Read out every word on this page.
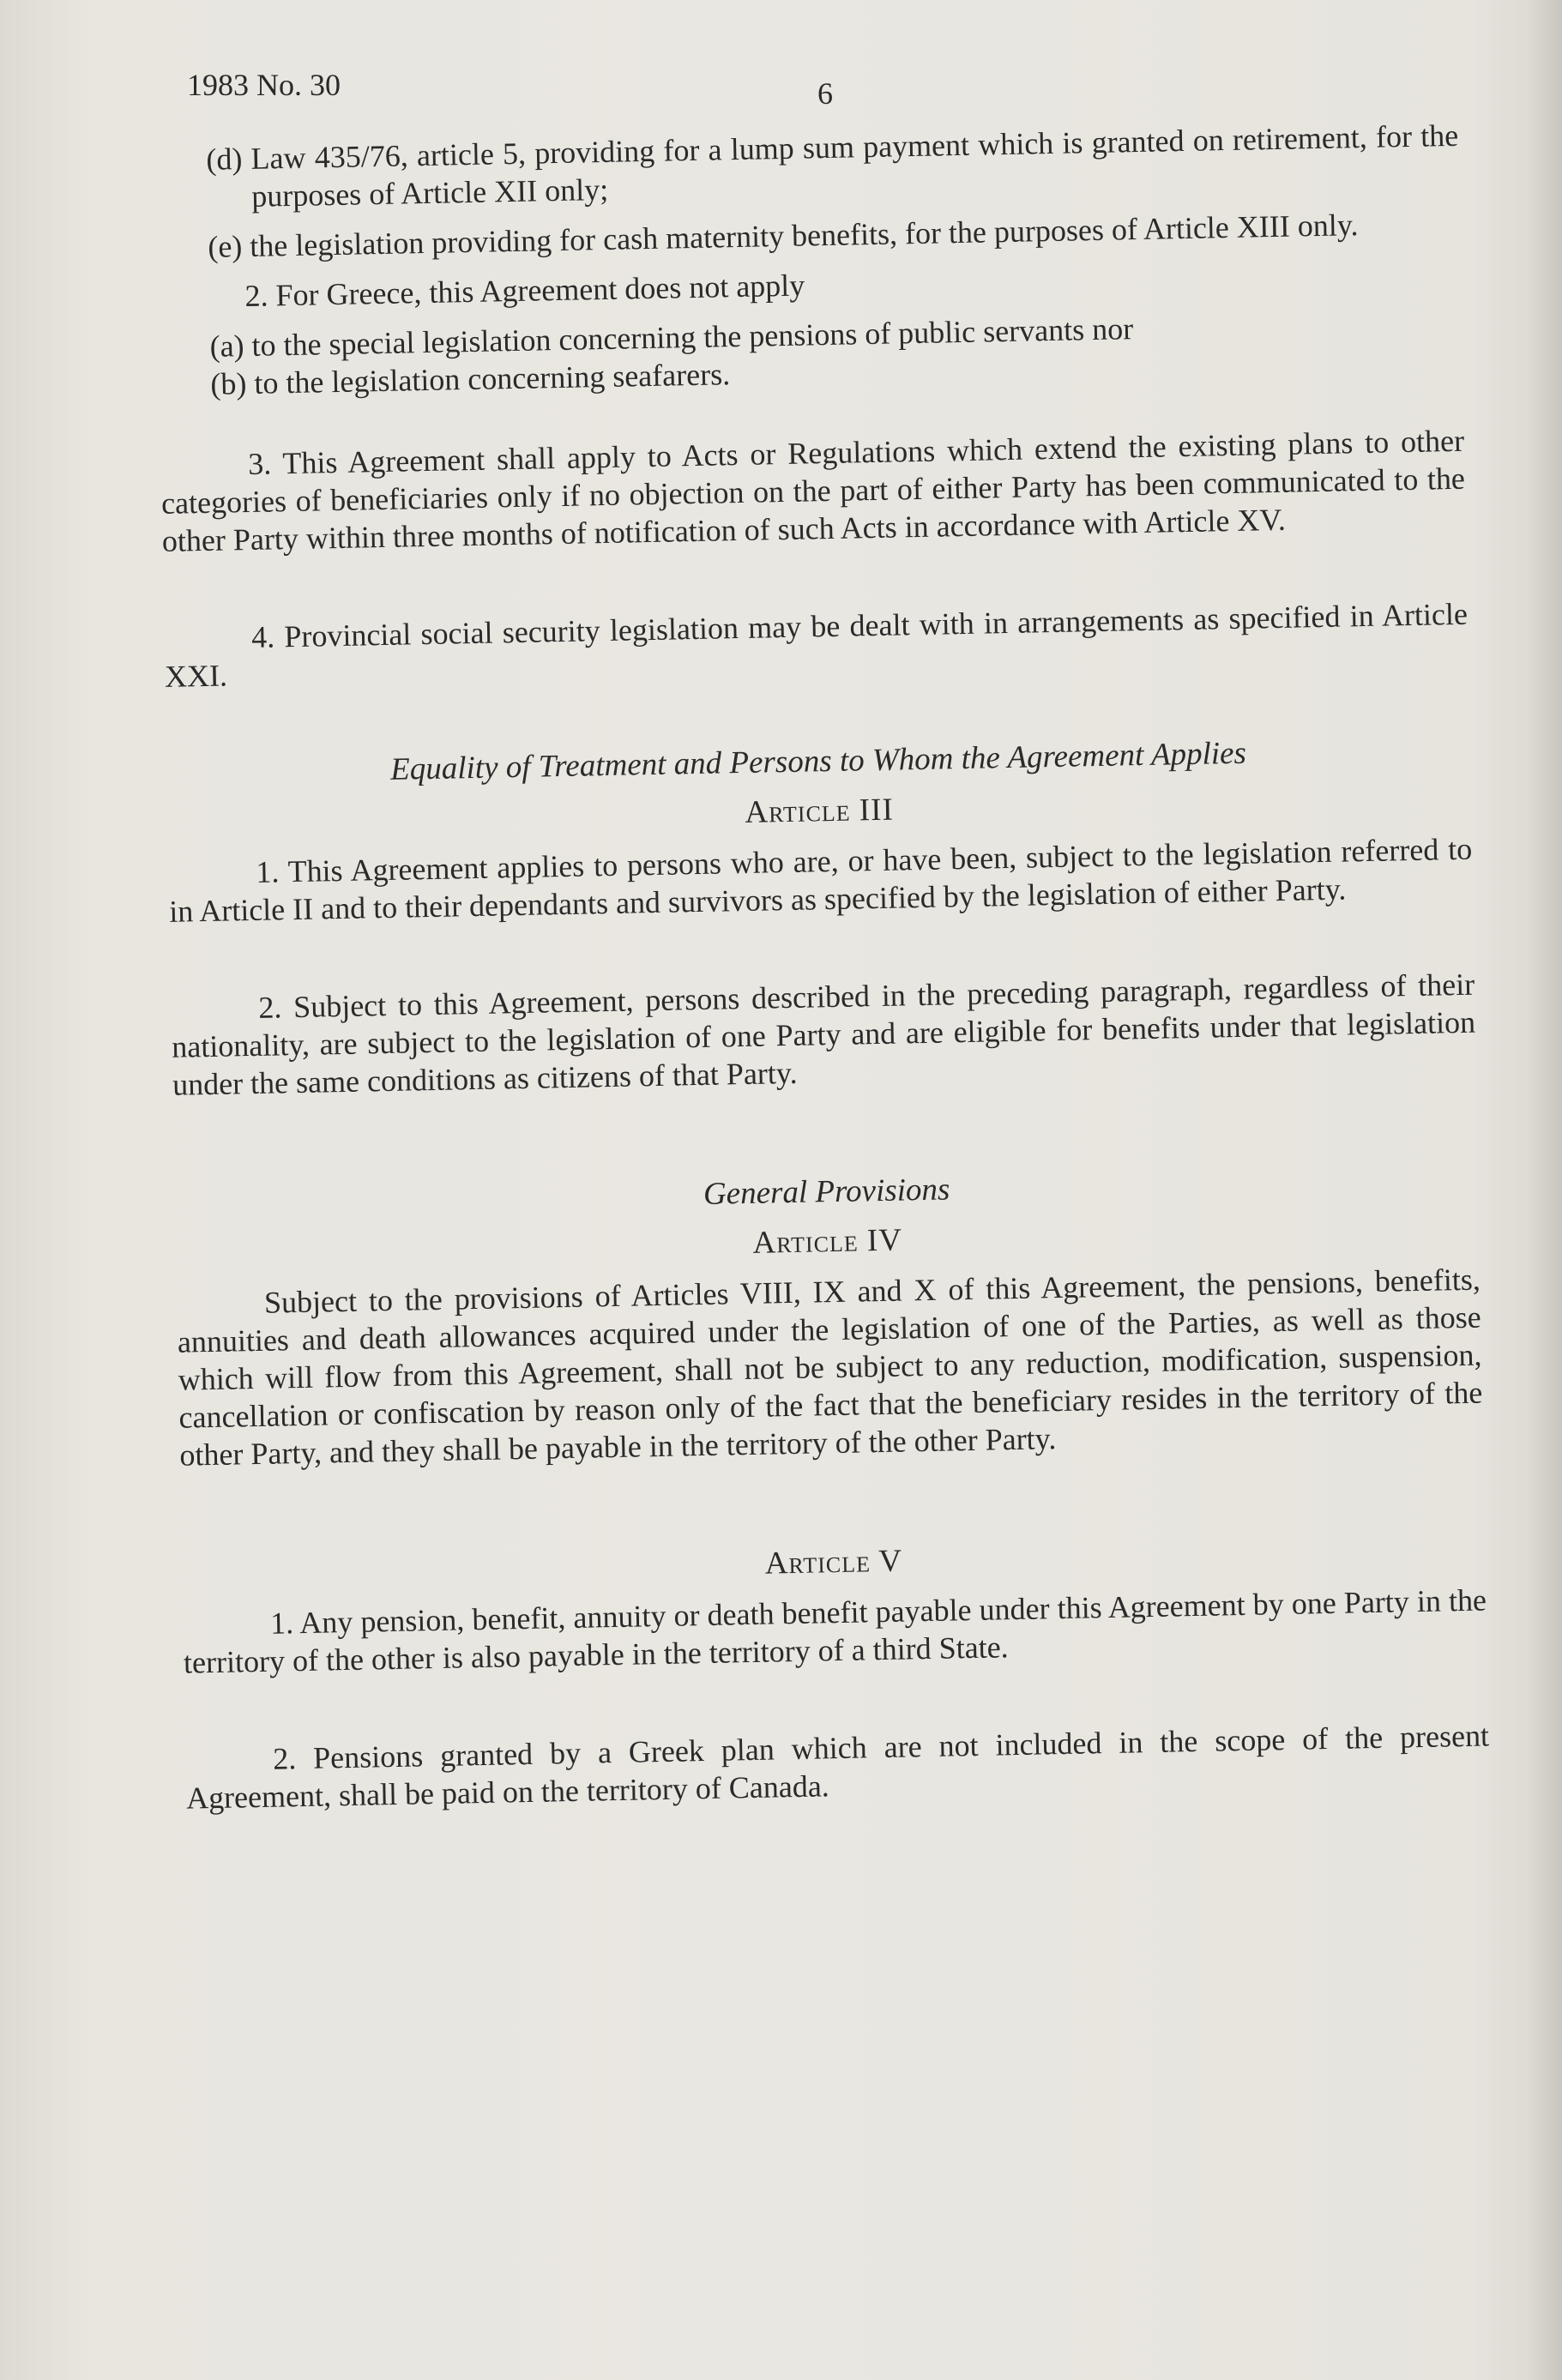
1983 No. 30	6

(d) Law 435/76, article 5, providing for a lump sum payment which is granted on retirement, for the purposes of Article XII only;

(e) the legislation providing for cash maternity benefits, for the purposes of Article XIII only.

2. For Greece, this Agreement does not apply

(a) to the special legislation concerning the pensions of public servants nor

(b) to the legislation concerning seafarers.

3. This Agreement shall apply to Acts or Regulations which extend the existing plans to other categories of beneficiaries only if no objection on the part of either Party has been communicated to the other Party within three months of notification of such Acts in accordance with Article XV.

4. Provincial social security legislation may be dealt with in arrangements as specified in Article XXI.

Equality of Treatment and Persons to Whom the Agreement Applies

Article III

1. This Agreement applies to persons who are, or have been, subject to the legislation referred to in Article II and to their dependants and survivors as specified by the legislation of either Party.

2. Subject to this Agreement, persons described in the preceding paragraph, regardless of their nationality, are subject to the legislation of one Party and are eligible for benefits under that legislation under the same conditions as citizens of that Party.

General Provisions

Article IV

Subject to the provisions of Articles VIII, IX and X of this Agreement, the pensions, benefits, annuities and death allowances acquired under the legislation of one of the Parties, as well as those which will flow from this Agreement, shall not be subject to any reduction, modification, suspension, cancellation or confiscation by reason only of the fact that the beneficiary resides in the territory of the other Party, and they shall be payable in the territory of the other Party.

Article V

1. Any pension, benefit, annuity or death benefit payable under this Agreement by one Party in the territory of the other is also payable in the territory of a third State.

2. Pensions granted by a Greek plan which are not included in the scope of the present Agreement, shall be paid on the territory of Canada.
